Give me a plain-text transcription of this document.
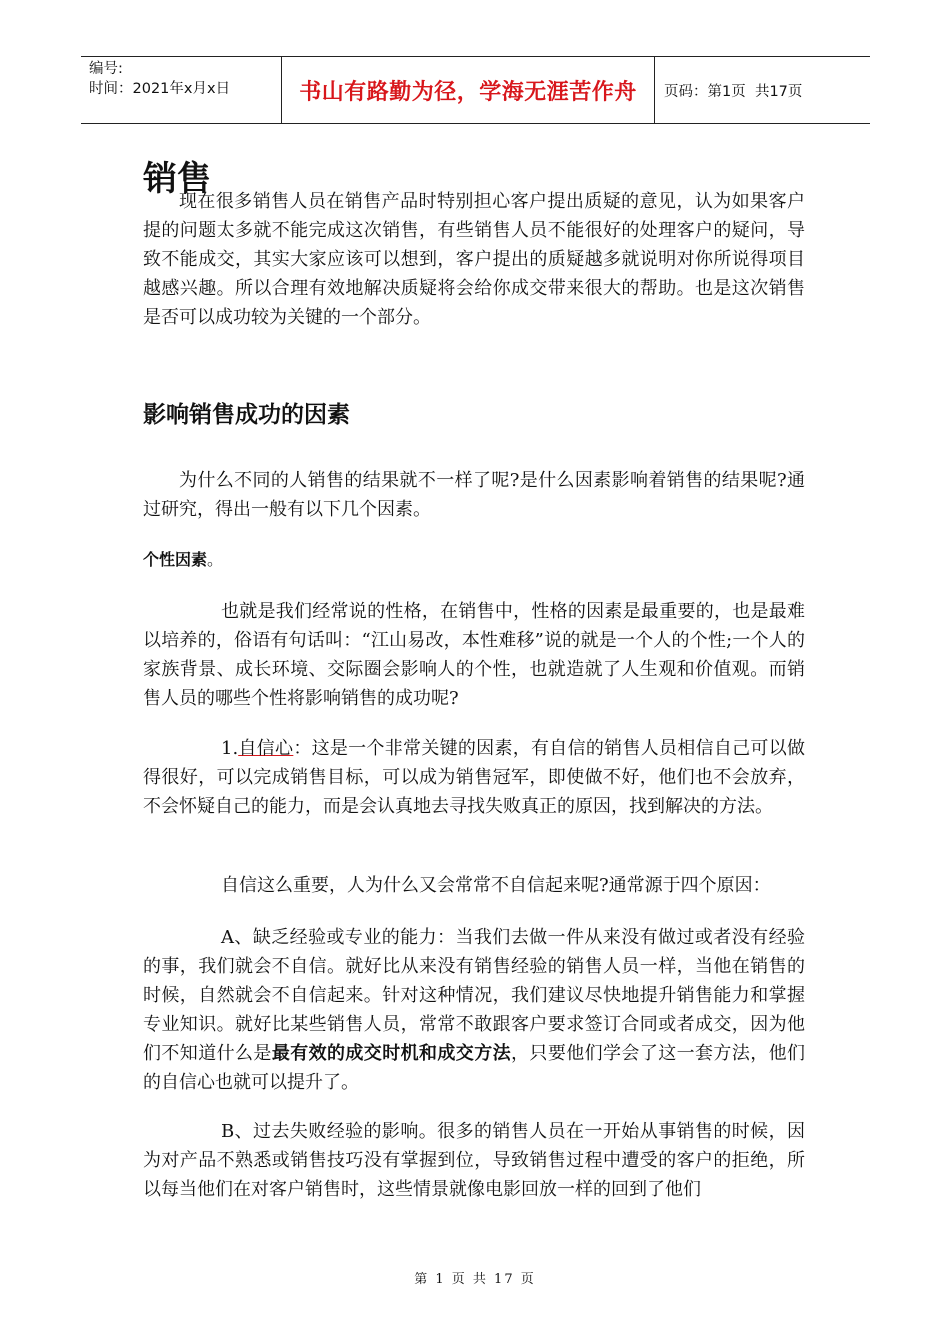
编号:
时间：2021年x月x日	书山有路勤为径，学海无涯苦作舟	页码：第1页  共17页
销售

现在很多销售人员在销售产品时特别担心客户提出质疑的意见，认为如果客户提的问题太多就不能完成这次销售，有些销售人员不能很好的处理客户的疑问，导致不能成交，其实大家应该可以想到，客户提出的质疑越多就说明对你所说得项目越感兴趣。所以合理有效地解决质疑将会给你成交带来很大的帮助。也是这次销售是否可以成功较为关键的一个部分。

影响销售成功的因素

为什么不同的人销售的结果就不一样了呢?是什么因素影响着销售的结果呢?通过研究，得出一般有以下几个因素。

个性因素。

也就是我们经常说的性格，在销售中，性格的因素是最重要的，也是最难以培养的，俗语有句话叫：“江山易改，本性难移”说的就是一个人的个性;一个人的家族背景、成长环境、交际圈会影响人的个性，也就造就了人生观和价值观。而销售人员的哪些个性将影响销售的成功呢?

1.自信心：这是一个非常关键的因素，有自信的销售人员相信自己可以做得很好，可以完成销售目标，可以成为销售冠军，即使做不好，他们也不会放弃，不会怀疑自己的能力，而是会认真地去寻找失败真正的原因，找到解决的方法。

自信这么重要，人为什么又会常常不自信起来呢?通常源于四个原因：

A、缺乏经验或专业的能力：当我们去做一件从来没有做过或者没有经验的事，我们就会不自信。就好比从来没有销售经验的销售人员一样，当他在销售的时候，自然就会不自信起来。针对这种情况，我们建议尽快地提升销售能力和掌握专业知识。就好比某些销售人员，常常不敢跟客户要求签订合同或者成交，因为他们不知道什么是最有效的成交时机和成交方法，只要他们学会了这一套方法，他们的自信心也就可以提升了。

B、过去失败经验的影响。很多的销售人员在一开始从事销售的时候，因为对产品不熟悉或销售技巧没有掌握到位，导致销售过程中遭受的客户的拒绝，所以每当他们在对客户销售时，这些情景就像电影回放一样的回到了他们

第 1 页 共 17 页
